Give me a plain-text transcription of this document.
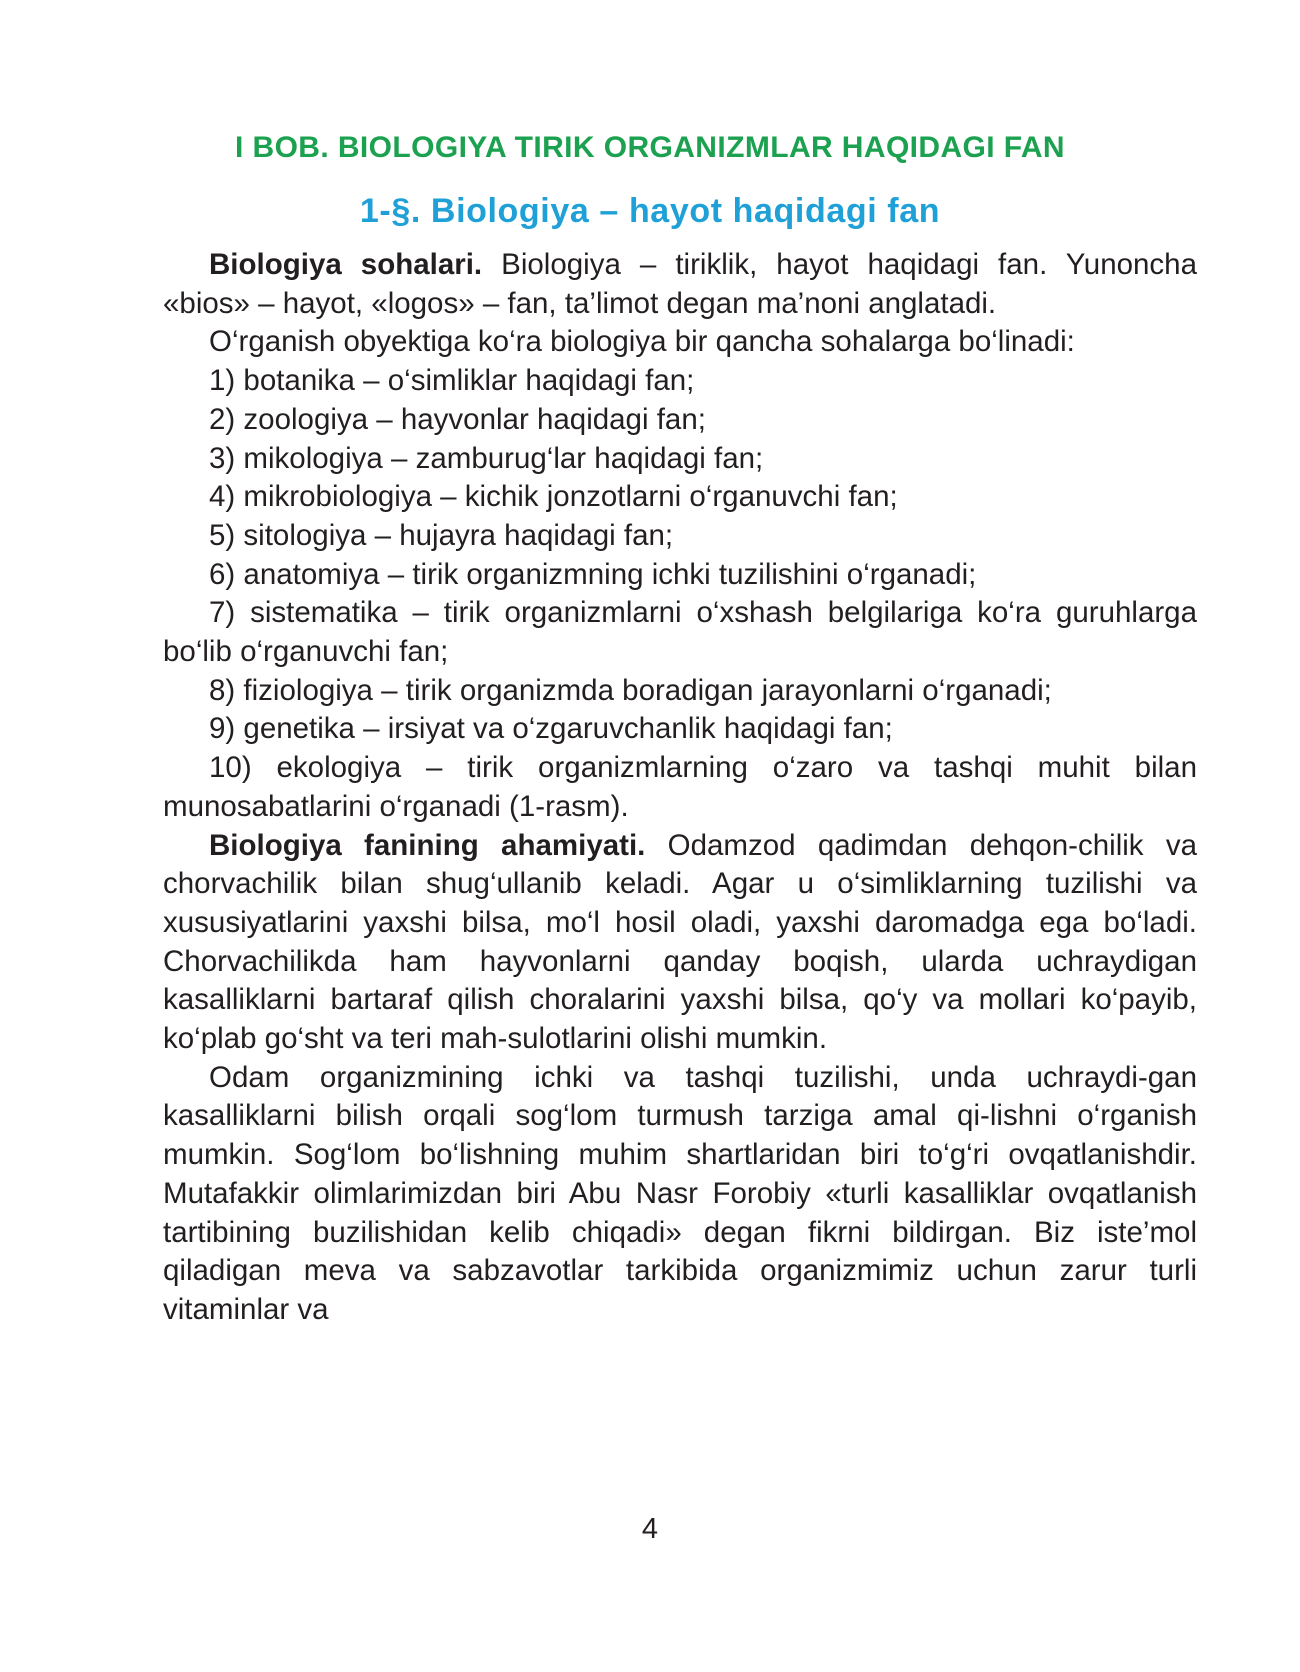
I BOB. BIOLOGIYA TIRIK ORGANIZMLAR HAQIDAGI FAN
1-§. Biologiya – hayot haqidagi fan

Biologiya sohalari. Biologiya – tiriklik, hayot haqidagi fan. Yunoncha «bios» – hayot, «logos» – fan, ta’limot degan ma’noni anglatadi.

O‘rganish obyektiga ko‘ra biologiya bir qancha sohalarga bo‘linadi:

1) botanika – o‘simliklar haqidagi fan;

2) zoologiya – hayvonlar haqidagi fan;

3) mikologiya – zamburug‘lar haqidagi fan;

4) mikrobiologiya – kichik jonzotlarni o‘rganuvchi fan;

5) sitologiya – hujayra haqidagi fan;

6) anatomiya – tirik organizmning ichki tuzilishini o‘rganadi;

7) sistematika – tirik organizmlarni o‘xshash belgilariga ko‘ra guruhlarga bo‘lib o‘rganuvchi fan;

8) fiziologiya – tirik organizmda boradigan jarayonlarni o‘rganadi;

9) genetika – irsiyat va o‘zgaruvchanlik haqidagi fan;

10) ekologiya – tirik organizmlarning o‘zaro va tashqi muhit bilan munosabatlarini o‘rganadi (1-rasm).

Biologiya fanining ahamiyati. Odamzod qadimdan dehqon-chilik va chorvachilik bilan shug‘ullanib keladi. Agar u o‘simliklarning tuzilishi va xususiyatlarini yaxshi bilsa, mo‘l hosil oladi, yaxshi daromadga ega bo‘ladi. Chorvachilikda ham hayvonlarni qanday boqish, ularda uchraydigan kasalliklarni bartaraf qilish choralarini yaxshi bilsa, qo‘y va mollari ko‘payib, ko‘plab go‘sht va teri mah-sulotlarini olishi mumkin.

Odam organizmining ichki va tashqi tuzilishi, unda uchraydi-gan kasalliklarni bilish orqali sog‘lom turmush tarziga amal qi-lishni o‘rganish mumkin. Sog‘lom bo‘lishning muhim shartlaridan biri to‘g‘ri ovqatlanishdir. Mutafakkir olimlarimizdan biri Abu Nasr Forobiy «turli kasalliklar ovqatlanish tartibining buzilishidan kelib chiqadi» degan fikrni bildirgan. Biz iste’mol qiladigan meva va sabzavotlar tarkibida organizmimiz uchun zarur turli vitaminlar va

4
